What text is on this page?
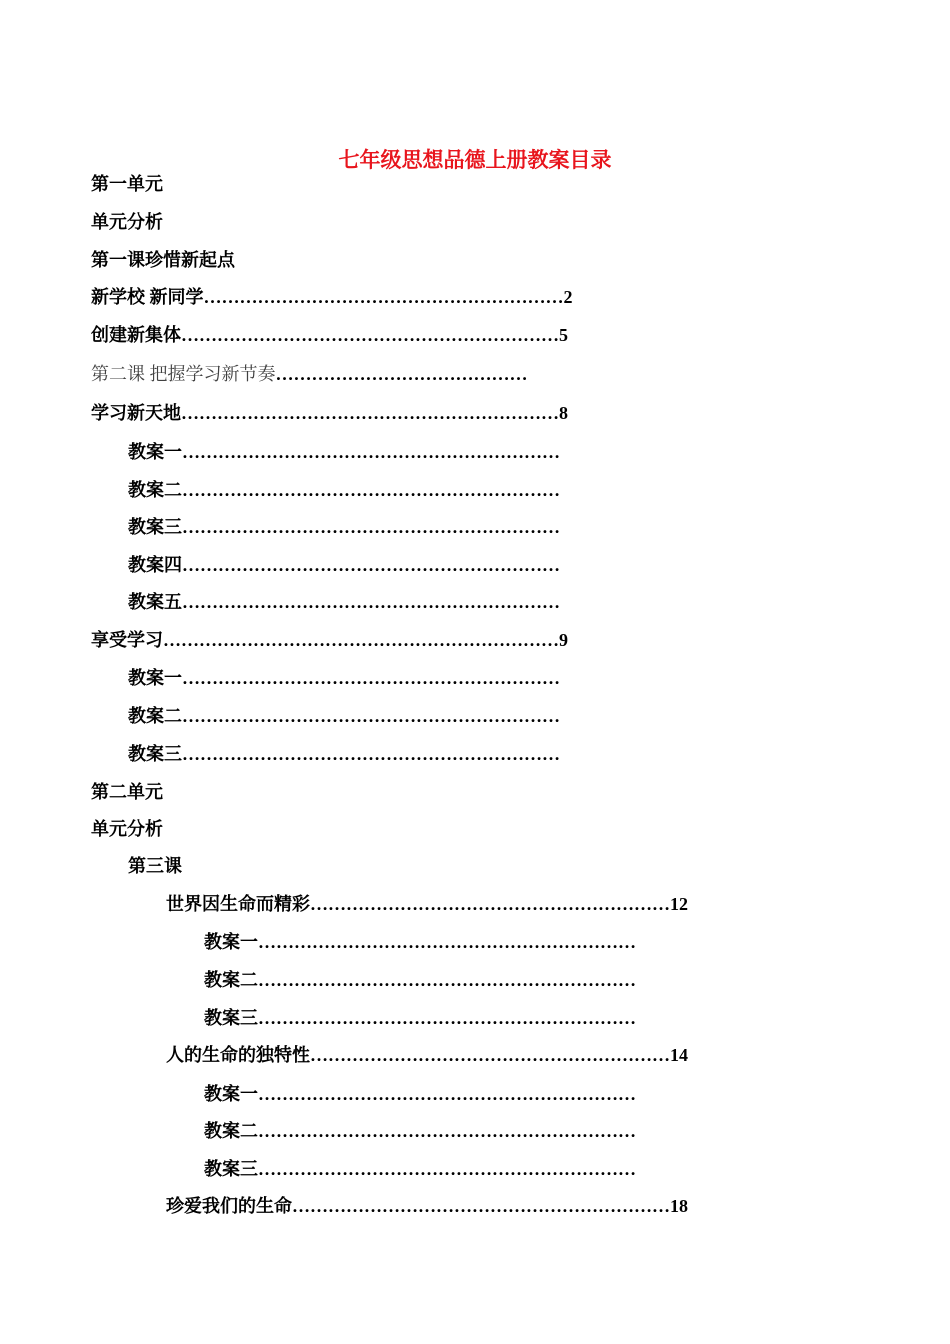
七年级思想品德上册教案目录
第一单元
单元分析
第一课珍惜新起点
新学校 新同学……………………………………………………2
创建新集体………………………………………………………5
第二课 把握学习新节奏……………………………………
学习新天地………………………………………………………8
教案一………………………………………………………
教案二………………………………………………………
教案三………………………………………………………
教案四………………………………………………………
教案五………………………………………………………
享受学习…………………………………………………………9
教案一………………………………………………………
教案二………………………………………………………
教案三………………………………………………………
第二单元
单元分析
第三课
世界因生命而精彩……………………………………………………12
教案一………………………………………………………
教案二………………………………………………………
教案三………………………………………………………
人的生命的独特性……………………………………………………14
教案一………………………………………………………
教案二………………………………………………………
教案三………………………………………………………
珍爱我们的生命………………………………………………………18
